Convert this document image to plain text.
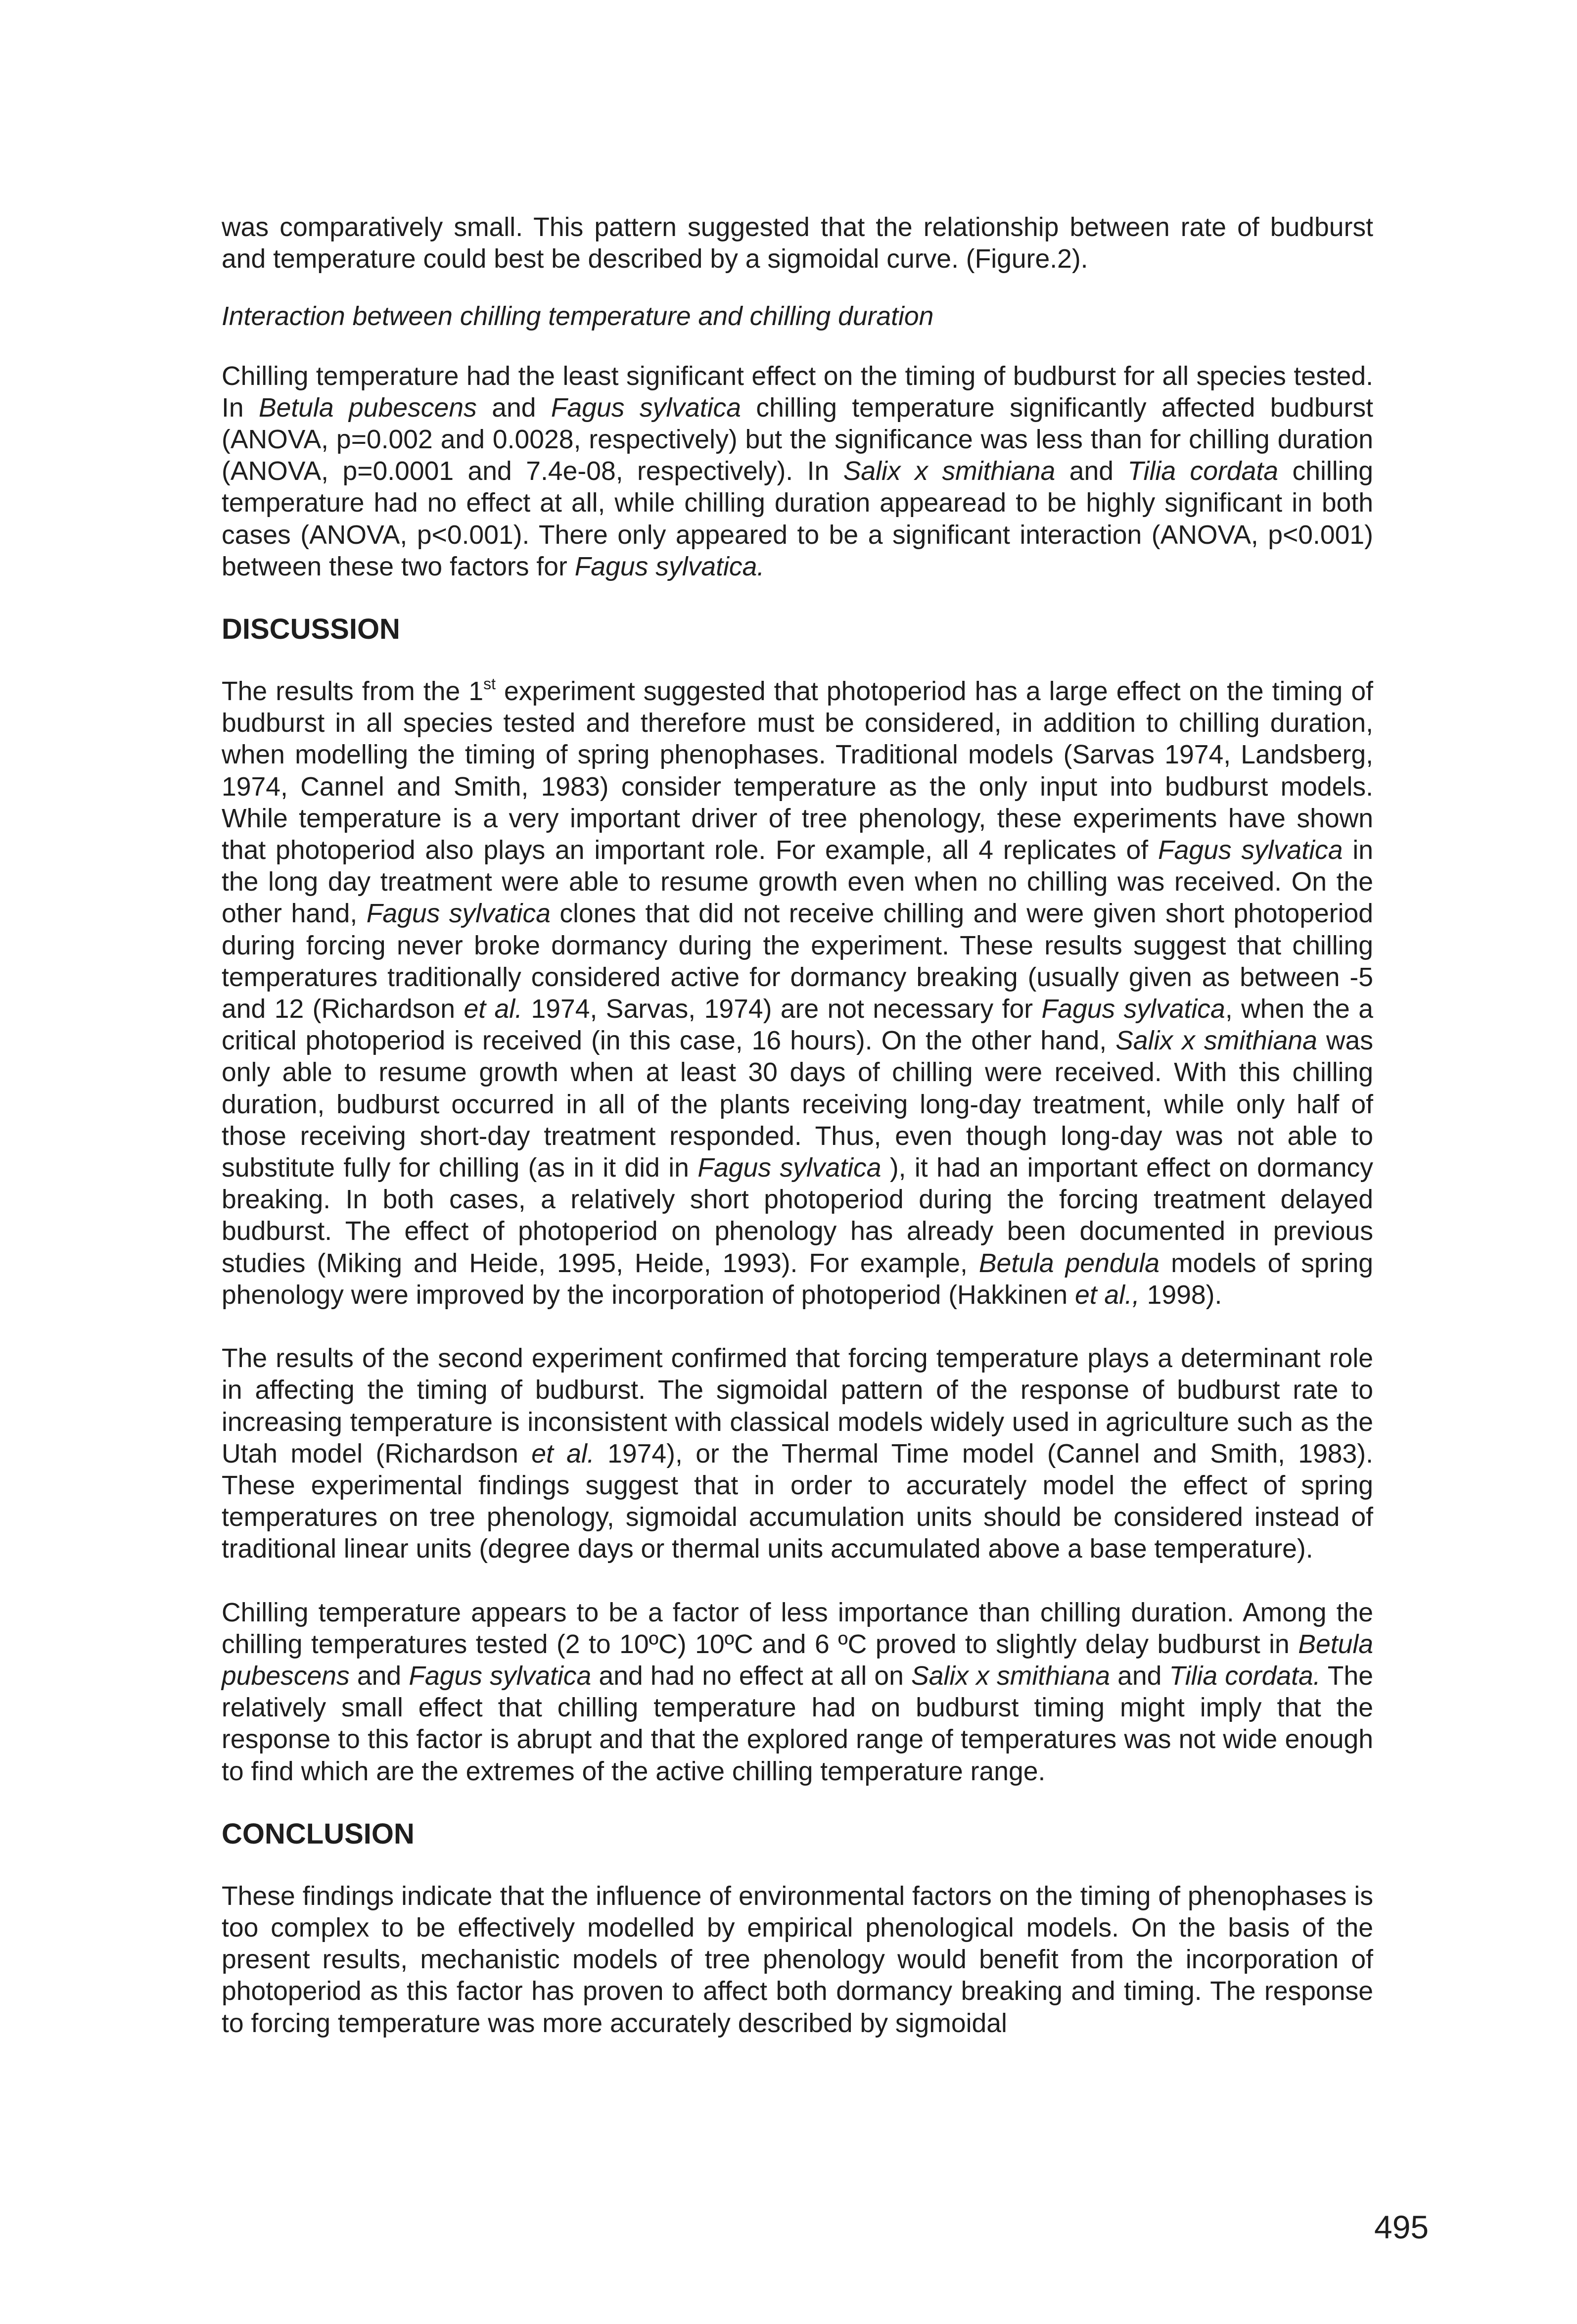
was comparatively small. This pattern suggested that the relationship between rate of budburst and temperature could best be described by a sigmoidal curve. (Figure.2).

Interaction between chilling temperature and chilling duration

Chilling temperature had the least significant effect on the timing of budburst for all species tested. In Betula pubescens and Fagus sylvatica chilling temperature significantly affected budburst (ANOVA, p=0.002 and 0.0028, respectively) but the significance was less than for chilling duration (ANOVA, p=0.0001 and 7.4e-08, respectively). In Salix x smithiana and Tilia cordata chilling temperature had no effect at all, while chilling duration appearead to be highly significant in both cases (ANOVA, p<0.001). There only appeared to be a significant interaction (ANOVA, p<0.001) between these two factors for Fagus sylvatica.

DISCUSSION

The results from the 1st experiment suggested that photoperiod has a large effect on the timing of budburst in all species tested and therefore must be considered, in addition to chilling duration, when modelling the timing of spring phenophases. Traditional models (Sarvas 1974, Landsberg, 1974, Cannel and Smith, 1983) consider temperature as the only input into budburst models. While temperature is a very important driver of tree phenology, these experiments have shown that photoperiod also plays an important role. For example, all 4 replicates of Fagus sylvatica in the long day treatment were able to resume growth even when no chilling was received. On the other hand, Fagus sylvatica clones that did not receive chilling and were given short photoperiod during forcing never broke dormancy during the experiment. These results suggest that chilling temperatures traditionally considered active for dormancy breaking (usually given as between -5 and 12 (Richardson et al. 1974, Sarvas, 1974) are not necessary for Fagus sylvatica, when the a critical photoperiod is received (in this case, 16 hours). On the other hand, Salix x smithiana was only able to resume growth when at least 30 days of chilling were received. With this chilling duration, budburst occurred in all of the plants receiving long-day treatment, while only half of those receiving short-day treatment responded. Thus, even though long-day was not able to substitute fully for chilling (as in it did in Fagus sylvatica ), it had an important effect on dormancy breaking. In both cases, a relatively short photoperiod during the forcing treatment delayed budburst. The effect of photoperiod on phenology has already been documented in previous studies (Miking and Heide, 1995, Heide, 1993). For example, Betula pendula models of spring phenology were improved by the incorporation of photoperiod (Hakkinen et al., 1998).

The results of the second experiment confirmed that forcing temperature plays a determinant role in affecting the timing of budburst. The sigmoidal pattern of the response of budburst rate to increasing temperature is inconsistent with classical models widely used in agriculture such as the Utah model (Richardson et al. 1974), or the Thermal Time model (Cannel and Smith, 1983). These experimental findings suggest that in order to accurately model the effect of spring temperatures on tree phenology, sigmoidal accumulation units should be considered instead of traditional linear units (degree days or thermal units accumulated above a base temperature).

Chilling temperature appears to be a factor of less importance than chilling duration. Among the chilling temperatures tested (2 to 10ºC) 10ºC and 6 ºC proved to slightly delay budburst in Betula pubescens and Fagus sylvatica and had no effect at all on Salix x smithiana and Tilia cordata. The relatively small effect that chilling temperature had on budburst timing might imply that the response to this factor is abrupt and that the explored range of temperatures was not wide enough to find which are the extremes of the active chilling temperature range.

CONCLUSION

These findings indicate that the influence of environmental factors on the timing of phenophases is too complex to be effectively modelled by empirical phenological models. On the basis of the present results, mechanistic models of tree phenology would benefit from the incorporation of photoperiod as this factor has proven to affect both dormancy breaking and timing. The response to forcing temperature was more accurately described by sigmoidal

495
